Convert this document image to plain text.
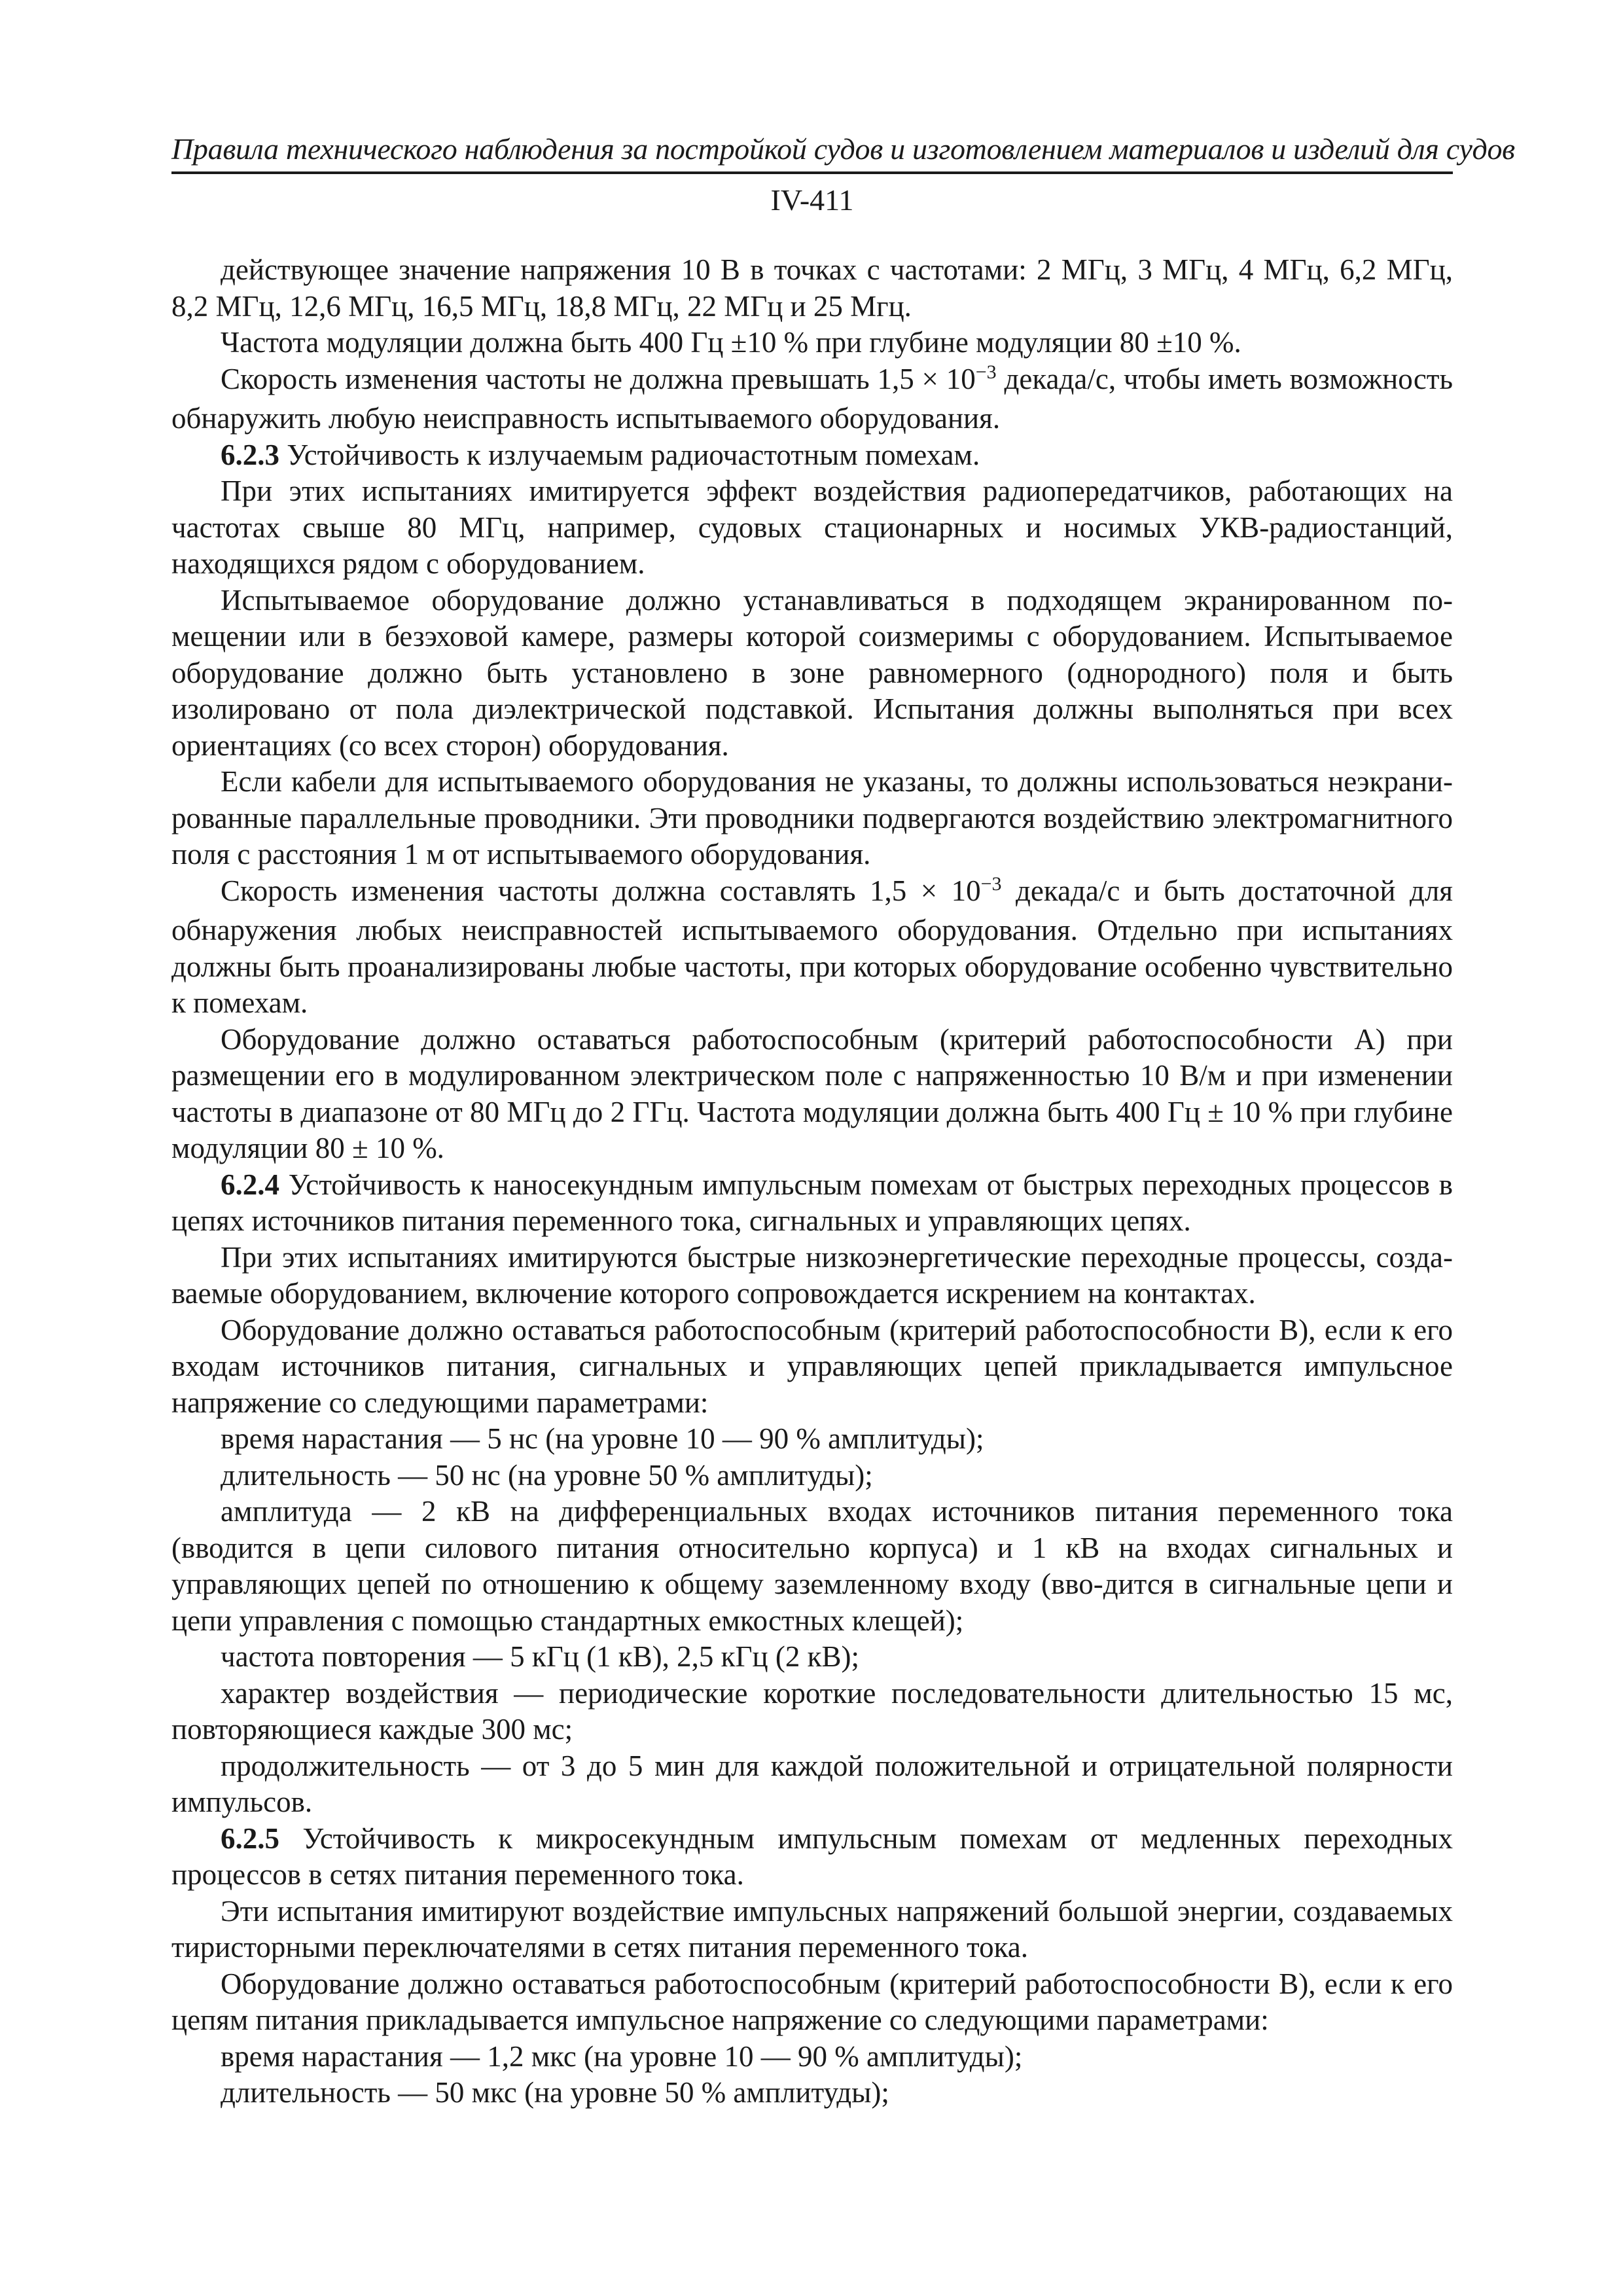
Правила технического наблюдения за постройкой судов и изготовлением материалов и изделий для судов
IV-411

действующее значение напряжения 10 В в точках с частотами: 2 МГц, 3 МГц, 4 МГц, 6,2 МГц, 8,2 МГц, 12,6 МГц, 16,5 МГц, 18,8 МГц, 22 МГц и 25 Мгц.

Частота модуляции должна быть 400 Гц ±10 % при глубине модуляции 80 ±10 %.

Скорость изменения частоты не должна превышать $1,5 \times 10^{-3}$ декада/с, чтобы иметь возможность обнаружить любую неисправность испытываемого оборудования.

6.2.3 Устойчивость к излучаемым радиочастотным помехам.

При этих испытаниях имитируется эффект воздействия радиопередатчиков, работающих на частотах свыше 80 МГц, например, судовых стационарных и носимых УКВ-радиостанций, находящихся рядом с оборудованием.

Испытываемое оборудование должно устанавливаться в подходящем экранированном помещении или в безэховой камере, размеры которой соизмеримы с оборудованием. Испытываемое оборудование должно быть установлено в зоне равномерного (однородного) поля и быть изолировано от пола диэлектрической подставкой. Испытания должны выполняться при всех ориентациях (со всех сторон) оборудования.

Если кабели для испытываемого оборудования не указаны, то должны использоваться неэкранированные параллельные проводники. Эти проводники подвергаются воздействию электромагнитного поля с расстояния 1 м от испытываемого оборудования.

Скорость изменения частоты должна составлять $1,5 \times 10^{-3}$ декада/с и быть достаточной для обнаружения любых неисправностей испытываемого оборудования. Отдельно при испытаниях должны быть проанализированы любые частоты, при которых оборудование особенно чувствительно к помехам.

Оборудование должно оставаться работоспособным (критерий работоспособности А) при размещении его в модулированном электрическом поле с напряженностью 10 В/м и при изменении частоты в диапазоне от 80 МГц до 2 ГГц. Частота модуляции должна быть 400 Гц ± 10 % при глубине модуляции 80 ± 10 %.

6.2.4 Устойчивость к наносекундным импульсным помехам от быстрых переходных процессов в цепях источников питания переменного тока, сигнальных и управляющих цепях.

При этих испытаниях имитируются быстрые низкоэнергетические переходные процессы, создаваемые оборудованием, включение которого сопровождается искрением на контактах.

Оборудование должно оставаться работоспособным (критерий работоспособности В), если к его входам источников питания, сигнальных и управляющих цепей прикладывается импульсное напряжение со следующими параметрами:

время нарастания — 5 нс (на уровне 10 — 90 % амплитуды);

длительность — 50 нс (на уровне 50 % амплитуды);

амплитуда — 2 кВ на дифференциальных входах источников питания переменного тока (вводится в цепи силового питания относительно корпуса) и 1 кВ на входах сигнальных и управляющих цепей по отношению к общему заземленному входу (вво-дится в сигнальные цепи и цепи управления с помощью стандартных емкостных клещей);

частота повторения — 5 кГц (1 кВ), 2,5 кГц (2 кВ);

характер воздействия — периодические короткие последовательности длительностью 15 мс, повторяющиеся каждые 300 мс;

продолжительность — от 3 до 5 мин для каждой положительной и отрицательной полярности импульсов.

6.2.5 Устойчивость к микросекундным импульсным помехам от медленных переходных процессов в сетях питания переменного тока.

Эти испытания имитируют воздействие импульсных напряжений большой энергии, создаваемых тиристорными переключателями в сетях питания переменного тока.

Оборудование должно оставаться работоспособным (критерий работоспособности В), если к его цепям питания прикладывается импульсное напряжение со следующими параметрами:

время нарастания — 1,2 мкс (на уровне 10 — 90 % амплитуды);

длительность — 50 мкс (на уровне 50 % амплитуды);
